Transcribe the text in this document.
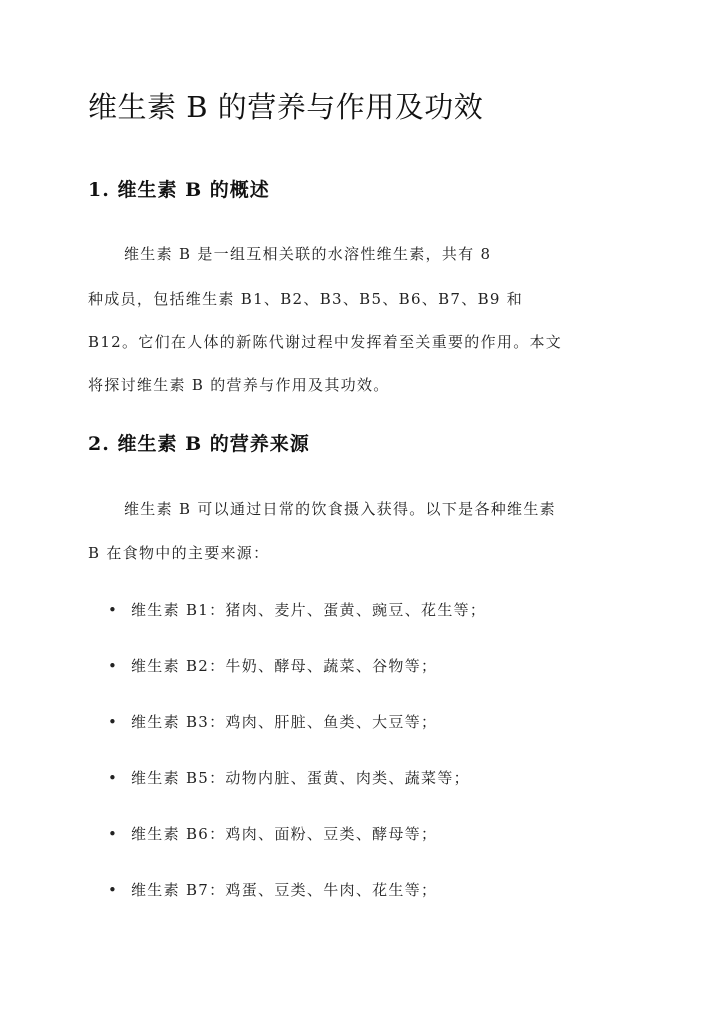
维生素 B 的营养与作用及功效
1. 维生素 B 的概述

维生素 B 是一组互相关联的水溶性维生素，共有 8

种成员，包括维生素 B1、B2、B3、B5、B6、B7、B9 和

B12。它们在人体的新陈代谢过程中发挥着至关重要的作用。本文

将探讨维生素 B 的营养与作用及其功效。

2. 维生素 B 的营养来源

维生素 B 可以通过日常的饮食摄入获得。以下是各种维生素

B 在食物中的主要来源：

• 维生素 B1：猪肉、麦片、蛋黄、豌豆、花生等；
• 维生素 B2：牛奶、酵母、蔬菜、谷物等；
• 维生素 B3：鸡肉、肝脏、鱼类、大豆等；
• 维生素 B5：动物内脏、蛋黄、肉类、蔬菜等；
• 维生素 B6：鸡肉、面粉、豆类、酵母等；
• 维生素 B7：鸡蛋、豆类、牛肉、花生等；
